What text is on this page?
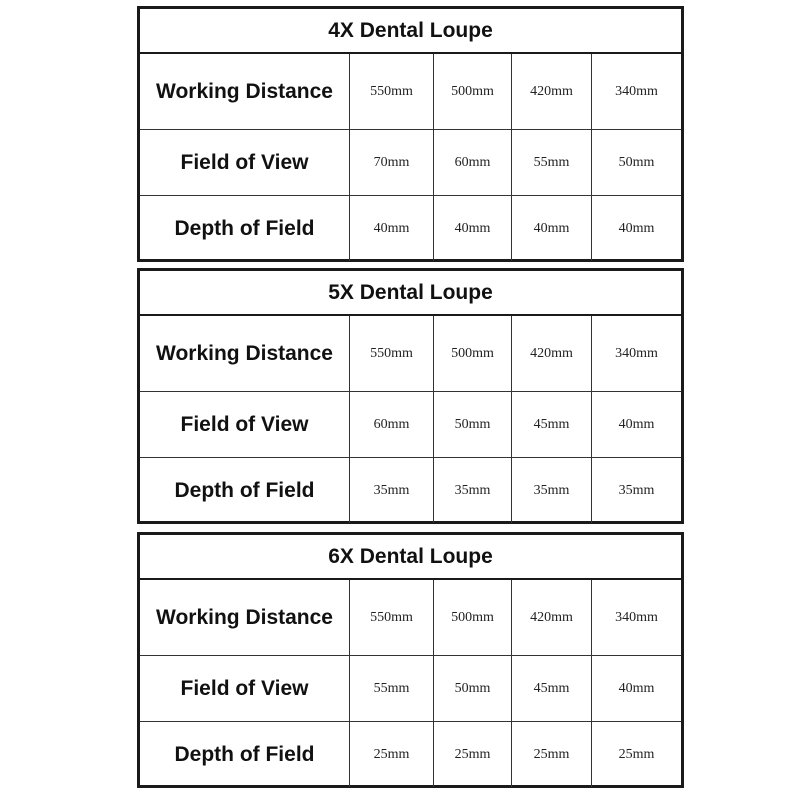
4X Dental Loupe
Working Distance	550mm	500mm	420mm	340mm
Field of View	70mm	60mm	55mm	50mm
Depth of Field	40mm	40mm	40mm	40mm
5X Dental Loupe
Working Distance	550mm	500mm	420mm	340mm
Field of View	60mm	50mm	45mm	40mm
Depth of Field	35mm	35mm	35mm	35mm
6X Dental Loupe
Working Distance	550mm	500mm	420mm	340mm
Field of View	55mm	50mm	45mm	40mm
Depth of Field	25mm	25mm	25mm	25mm
